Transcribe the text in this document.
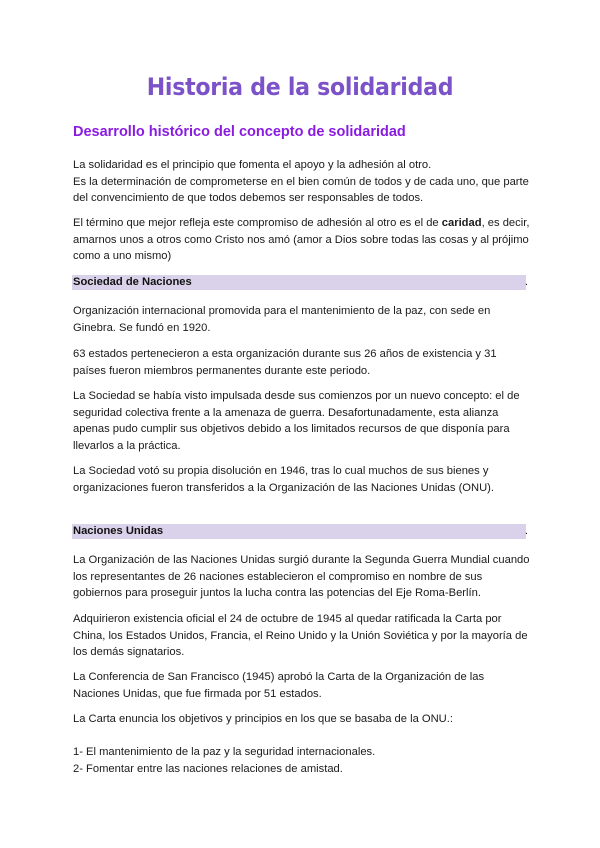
Historia de la solidaridad
Desarrollo histórico del concepto de solidaridad
La solidaridad es el principio que fomenta el apoyo y la adhesión al otro.
Es la determinación de comprometerse en el bien común de todos y de cada uno, que parte
del convencimiento de que todos debemos ser responsables de todos.
El término que mejor refleja este compromiso de adhesión al otro es el de caridad, es decir,
amarnos unos a otros como Cristo nos amó (amor a Dios sobre todas las cosas y al prójimo
como a uno mismo)
Sociedad de Naciones	.
Organización internacional promovida para el mantenimiento de la paz, con sede en
Ginebra. Se fundó en 1920.
63 estados pertenecieron a esta organización durante sus 26 años de existencia y 31
países fueron miembros permanentes durante este periodo.
La Sociedad se había visto impulsada desde sus comienzos por un nuevo concepto: el de
seguridad colectiva frente a la amenaza de guerra. Desafortunadamente, esta alianza
apenas pudo cumplir sus objetivos debido a los limitados recursos de que disponía para
llevarlos a la práctica.
La Sociedad votó su propia disolución en 1946, tras lo cual muchos de sus bienes y
organizaciones fueron transferidos a la Organización de las Naciones Unidas (ONU).
Naciones Unidas	.
La Organización de las Naciones Unidas surgió durante la Segunda Guerra Mundial cuando
los representantes de 26 naciones establecieron el compromiso en nombre de sus
gobiernos para proseguir juntos la lucha contra las potencias del Eje Roma-Berlín.
Adquirieron existencia oficial el 24 de octubre de 1945 al quedar ratificada la Carta por
China, los Estados Unidos, Francia, el Reino Unido y la Unión Soviética y por la mayoría de
los demás signatarios.
La Conferencia de San Francisco (1945) aprobó la Carta de la Organización de las
Naciones Unidas, que fue firmada por 51 estados.
La Carta enuncia los objetivos y principios en los que se basaba de la ONU.:
1- El mantenimiento de la paz y la seguridad internacionales.
2- Fomentar entre las naciones relaciones de amistad.
